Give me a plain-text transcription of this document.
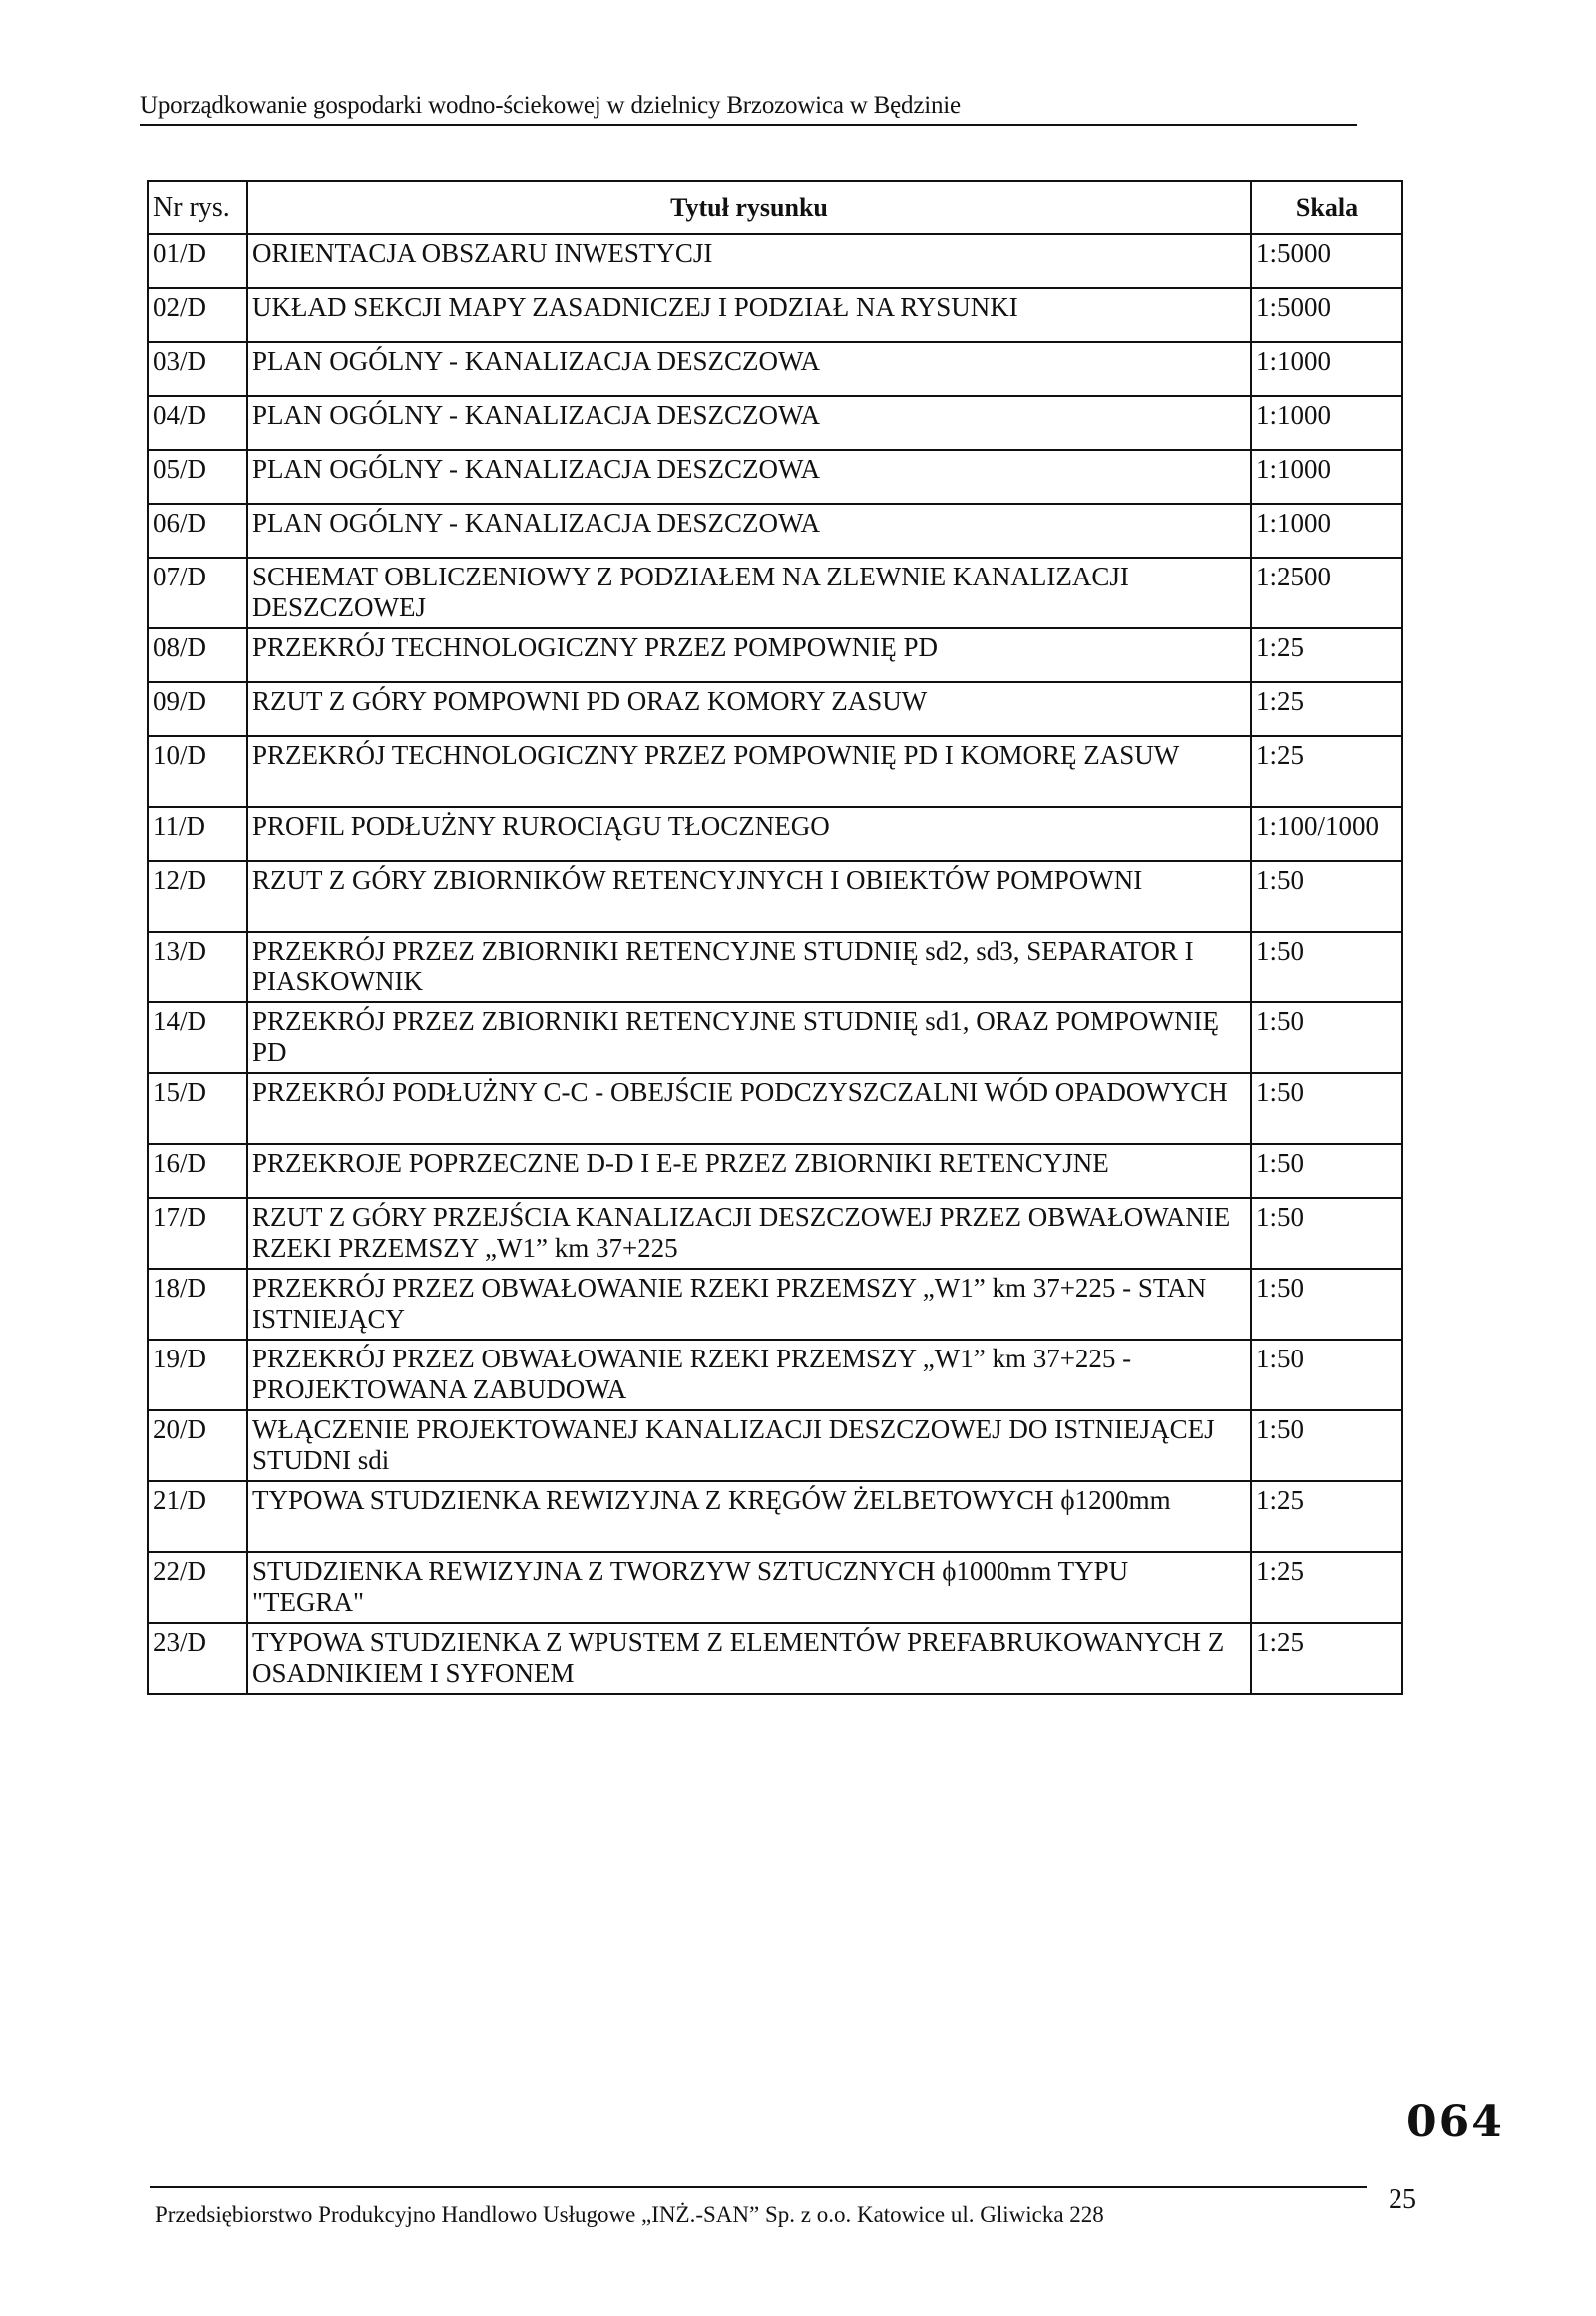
Uporządkowanie gospodarki wodno-ściekowej w dzielnicy Brzozowica w Będzinie
Nr rys.	Tytuł rysunku	Skala
01/D	ORIENTACJA OBSZARU INWESTYCJI	1:5000
02/D	UKŁAD SEKCJI MAPY ZASADNICZEJ I PODZIAŁ NA RYSUNKI	1:5000
03/D	PLAN OGÓLNY - KANALIZACJA DESZCZOWA	1:1000
04/D	PLAN OGÓLNY - KANALIZACJA DESZCZOWA	1:1000
05/D	PLAN OGÓLNY - KANALIZACJA DESZCZOWA	1:1000
06/D	PLAN OGÓLNY - KANALIZACJA DESZCZOWA	1:1000
07/D	SCHEMAT OBLICZENIOWY Z PODZIAŁEM NA ZLEWNIE KANALIZACJI DESZCZOWEJ	1:2500
08/D	PRZEKRÓJ TECHNOLOGICZNY PRZEZ POMPOWNIĘ PD	1:25
09/D	RZUT Z GÓRY POMPOWNI PD ORAZ KOMORY ZASUW	1:25
10/D	PRZEKRÓJ TECHNOLOGICZNY PRZEZ POMPOWNIĘ PD I KOMORĘ ZASUW	1:25
11/D	PROFIL PODŁUŻNY RUROCIĄGU TŁOCZNEGO	1:100/1000
12/D	RZUT Z GÓRY ZBIORNIKÓW RETENCYJNYCH I OBIEKTÓW POMPOWNI	1:50
13/D	PRZEKRÓJ PRZEZ ZBIORNIKI RETENCYJNE STUDNIĘ sd2, sd3, SEPARATOR I PIASKOWNIK	1:50
14/D	PRZEKRÓJ PRZEZ ZBIORNIKI RETENCYJNE STUDNIĘ sd1, ORAZ POMPOWNIĘ PD	1:50
15/D	PRZEKRÓJ PODŁUŻNY C-C - OBEJŚCIE PODCZYSZCZALNI WÓD OPADOWYCH	1:50
16/D	PRZEKROJE POPRZECZNE D-D I E-E PRZEZ ZBIORNIKI RETENCYJNE	1:50
17/D	RZUT Z GÓRY PRZEJŚCIA KANALIZACJI DESZCZOWEJ PRZEZ OBWAŁOWANIE RZEKI PRZEMSZY „W1” km 37+225	1:50
18/D	PRZEKRÓJ PRZEZ OBWAŁOWANIE RZEKI PRZEMSZY „W1” km 37+225 - STAN ISTNIEJĄCY	1:50
19/D	PRZEKRÓJ PRZEZ OBWAŁOWANIE RZEKI PRZEMSZY „W1” km 37+225 - PROJEKTOWANA ZABUDOWA	1:50
20/D	WŁĄCZENIE PROJEKTOWANEJ KANALIZACJI DESZCZOWEJ DO ISTNIEJĄCEJ STUDNI sdi	1:50
21/D	TYPOWA STUDZIENKA REWIZYJNA Z KRĘGÓW ŻELBETOWYCH ϕ1200mm	1:25
22/D	STUDZIENKA REWIZYJNA Z TWORZYW SZTUCZNYCH ϕ1000mm TYPU "TEGRA"	1:25
23/D	TYPOWA STUDZIENKA Z WPUSTEM Z ELEMENTÓW PREFABRUKOWANYCH Z OSADNIKIEM I SYFONEM	1:25
064
Przedsiębiorstwo Produkcyjno Handlowo Usługowe „INŻ.-SAN” Sp. z o.o. Katowice ul. Gliwicka 228	25
